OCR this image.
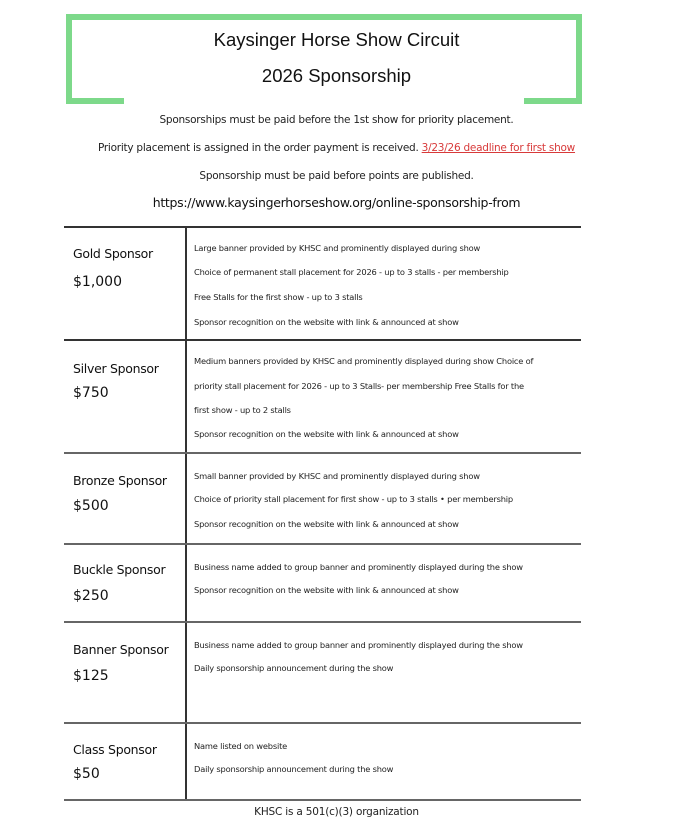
Kaysinger Horse Show Circuit
2026 Sponsorship
Sponsorships must be paid before the 1st show for priority placement.
Priority placement is assigned in the order payment is received. 3/23/26 deadline for first show
Sponsorship must be paid before points are published.
https://www.kaysingerhorseshow.org/online-sponsorship-from
Gold Sponsor
$1,000
Large banner provided by KHSC and prominently displayed during show
Choice of permanent stall placement for 2026 - up to 3 stalls - per membership
Free Stalls for the first show - up to 3 stalls
Sponsor recognition on the website with link & announced at show
Silver Sponsor
$750
Medium banners provided by KHSC and prominently displayed during show Choice of
priority stall placement for 2026 - up to 3 Stalls- per membership Free Stalls for the
first show - up to 2 stalls
Sponsor recognition on the website with link & announced at show
Bronze Sponsor
$500
Small banner provided by KHSC and prominently displayed during show
Choice of priority stall placement for first show - up to 3 stalls • per membership
Sponsor recognition on the website with link & announced at show
Buckle Sponsor
$250
Business name added to group banner and prominently displayed during the show
Sponsor recognition on the website with link & announced at show
Banner Sponsor
$125
Business name added to group banner and prominently displayed during the show
Daily sponsorship announcement during the show
Class Sponsor
$50
Name listed on website
Daily sponsorship announcement during the show
KHSC is a 501(c)(3) organization
